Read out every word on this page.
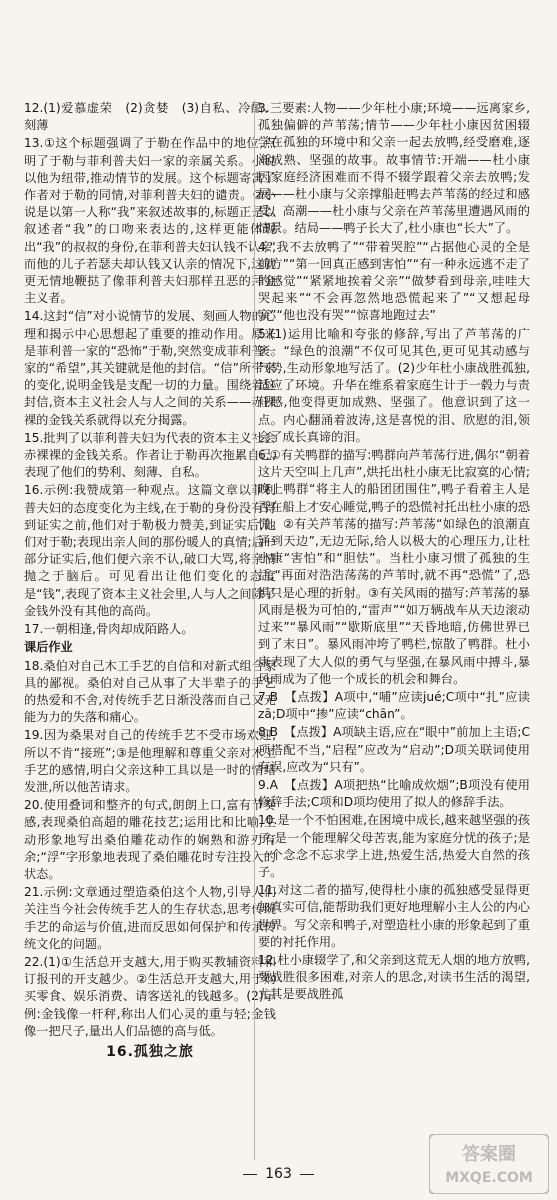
12.(1)爱慕虚荣　(2)贪婪　(3)自私、冷酷、刻薄
13.①这个标题强调了于勒在作品中的地位,点明了于勒与菲利普夫妇一家的亲属关系。小说以他为纽带,推动情节的发展。这个标题寄寓了作者对于勒的同情,对菲利普夫妇的谴责。②小说是以第一人称“我”来叙述故事的,标题正是以叙述者“我”的口吻来表达的,这样更能体现出“我”的叔叔的身份,在菲利普夫妇认钱不认亲,而他的儿子若瑟夫却认钱又认亲的情况下,这就更无情地鞭挞了像菲利普夫妇那样丑恶的拜金主义者。
14.这封“信”对小说情节的发展、刻画人物的心理和揭示中心思想起了重要的推动作用。原来是菲利普一家的“恐怖”于勒,突然变成菲利普一家的“希望”,其关键就是他的封信。“信”所带来的变化,说明金钱是支配一切的力量。围绕着这封信,资本主义社会人与人之间的关系——赤裸裸的金钱关系就得以充分揭露。
15.批判了以菲利普夫妇为代表的资本主义社会赤裸裸的金钱关系。作者让于勒再次拖累自己,表现了他们的势利、刻薄、自私。
16.示例:我赞成第一种观点。这篇文章以菲利普夫妇的态度变化为主线,在于勒的身份没有得到证实之前,他们对于勒极力赞美,到证实后,他们对于勒;表现出亲人间的那份暖人的真情;后一部分证实后,他们便六亲不认,破口大骂,将亲情抛之于脑后。可见看出让他们变化的态度是“钱”,表现了资本主义社会里,人与人之间除了金钱外没有其他的高尚。
17.一朝相逢,骨肉却成陌路人。
课后作业
18.桑伯对自己木工手艺的自信和对新式组合家具的鄙视。桑伯对自己从事了大半辈子的手艺的热爱和不舍,对传统手艺日渐没落而自己又无能为力的失落和痛心。
19.因为桑果对自己的传统手艺不受市场欢迎,所以不肯“接班”;③是他理解和尊重父亲对木工手艺的感情,明白父亲这种工具以是一时的情绪发泄,所以他苦请求。
20.使用叠词和整齐的句式,朗朗上口,富有节奏感,表现桑伯高超的雕花技艺;运用比和比喻,生动形象地写出桑伯雕花动作的娴熟和游刃有余;“浮”字形象地表现了桑伯雕花时专注投入的状态。
21.示例:文章通过塑造桑伯这个人物,引导人们关注当今社会传统手艺人的生存状态,思考传统手艺的命运与价值,进而反思如何保护和传承传统文化的问题。
22.(1)①生活总开支越大,用于购买教辅资料和订报刊的开支越少。②生活总开支越大,用于购买零食、娱乐消费、请客送礼的钱越多。(2)示例:金钱像一杆秤,称出人们心灵的重与轻;金钱像一把尺子,量出人们品德的高与低。
16.孤独之旅
3.三要素:人物——少年杜小康;环境——远离家乡,孤独偏僻的芦苇荡;情节——少年杜小康因贫困辍学在孤独的环境中和父亲一起去放鸭,经受磨难,逐渐成熟、坚强的故事。故事情节:开端——杜小康因家庭经济困难而不得不辍学跟着父亲去放鸭;发展——杜小康与父亲撑船赶鸭去芦苇荡的经过和感受。高潮——杜小康与父亲在芦苇荡里遭遇风雨的情景。结局——鸭子长大了,杜小康也“长大”了。
4.“我不去放鸭了”“带着哭腔”“占据他心灵的全是前方”“第一回真正感到害怕”“有一种永远逃不走了的感觉”“紧紧地挨着父亲”“做梦看到母亲,哇哇大哭起来”“不会再忽然地恐慌起来了”“又想起母亲”“他也没有哭”“惊喜地跑过去”
5.(1)运用比喻和夸张的修辞,写出了芦苇荡的广袤。“绿色的浪潮”不仅可见其色,更可见其动感与气势,生动形象地写活了。(2)少年杜小康战胜孤独,适应了环境。升华在维系着家庭生计于一毂力与责任感,他变得更加成熟、坚强了。他意识到了这一点。内心翻涌着波涛,这是喜悦的泪、欣慰的泪,领会了成长真谛的泪。
6.①有关鸭群的描写:鸭群向芦苇荡行进,偶尔“朝着这片天空叫上几声”,烘托出杜小康无比寂寞的心情;晚上鸭群“将主人的船团团围住”,鸭子看着主人是否在船上才安心睡觉,鸭子的恐慌衬托出杜小康的恐慌。②有关芦苇荡的描写:芦苇荡“如绿色的浪潮直涌到天边”,无边无际,给人以极大的心理压力,让杜小康“害怕”和“胆怯”。当杜小康习惯了孤独的生活,“再面对浩浩荡荡的芦苇时,就不再“恐慌”了,恐惧只是心理的折射。③有关风雨的描写:芦苇荡的暴风雨是极为可怕的,“雷声”“如万辆战车从天边滚动过来”“暴风雨”“歇斯底里”“天昏地暗,仿佛世界已到了末日”。暴风雨冲垮了鸭栏,惊散了鸭群。杜小康表现了大人似的勇气与坚强,在暴风雨中搏斗,暴风雨成为了他一个成长的机会和舞台。
7.B　【点拨】A项中,“哺”应读jué;C项中“扎”应读zā;D项中“掺”应读“chān”。
8.B　【点拨】A项缺主语,应在“眼中”前加上主语;C项搭配不当,“启程”应改为“启动”;D项关联词使用有误,应改为“只有”。
9.A　【点拨】A项把热“比喻成炊烟”;B项没有使用修辞手法;C项和D项均使用了拟人的修辞手法。
10.是一个不怕困难,在困境中成长,越来越坚强的孩子;是一个能理解父母苦衷,能为家庭分忧的孩子;是一个念念不忘求学上进,热爱生活,热爱大自然的孩子。
11.对这二者的描写,使得杜小康的孤独感受显得更加真实可信,能帮助我们更好地理解小主人公的内心世界。写父亲和鸭子,对塑造杜小康的形象起到了重要的衬托作用。
12.杜小康辍学了,和父亲到这荒无人烟的地方放鸭,要战胜很多困难,对亲人的思念,对读书生活的渴望,尤其是要战胜孤
163
答案圈
MXQE.COM
